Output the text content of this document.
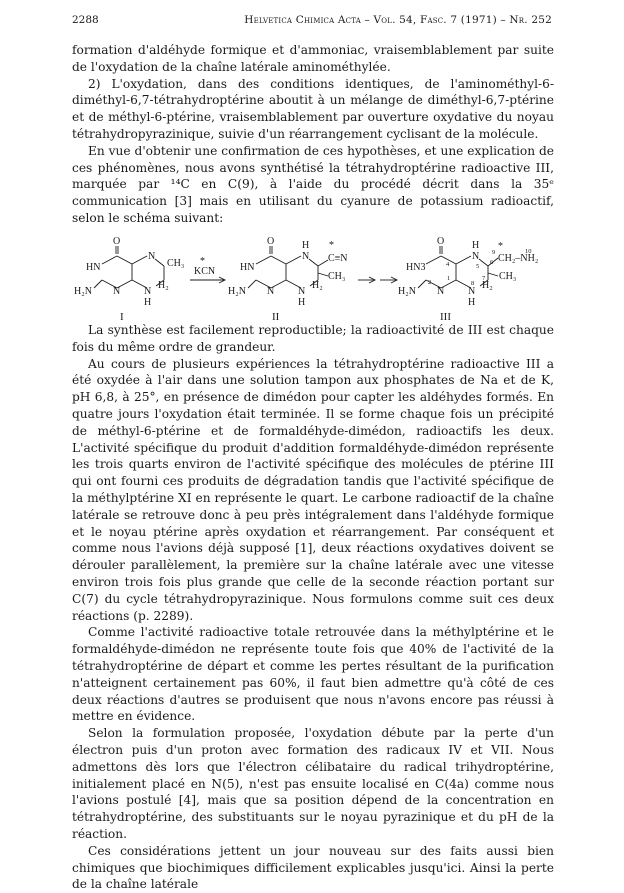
2288	Helvetica Chimica Acta – Vol. 54, Fasc. 7 (1971) – Nr. 252

formation d'aldéhyde formique et d'ammoniac, vraisemblablement par suite de l'oxydation de la chaîne latérale aminométhylée.

2) L'oxydation, dans des conditions identiques, de l'aminométhyl-6-diméthyl-6,7-tétrahydroptérine aboutit à un mélange de diméthyl-6,7-ptérine et de méthyl-6-ptérine, vraisemblablement par ouverture oxydative du noyau tétrahydropyrazinique, suivie d'un réarrangement cyclisant de la molécule.

En vue d'obtenir une confirmation de ces hypothèses, et une explication de ces phénomènes, nous avons synthétisé la tétrahydroptérine radioactive III, marquée par ¹⁴C en C(9), à l'aide du procédé décrit dans la 35ᵉ communication [3] mais en utilisant du cyanure de potassium radioactif, selon le schéma suivant:

O
HN
N
CH₃
H₂N N N
H₂
H
I
*
KCN
O
HN
H
N
*
C≡N
CH₃
H₂N N N
H₂
H
II
O
HN3
H
N 9
*	10
CH₂–NH₂
CH₃
4	5
6
7
8
1
2
H₂N N N
H₂
H
III

La synthèse est facilement reproductible; la radioactivité de III est chaque fois du même ordre de grandeur.

Au cours de plusieurs expériences la tétrahydroptérine radioactive III a été oxydée à l'air dans une solution tampon aux phosphates de Na et de K, pH 6,8, à 25°, en présence de dimédon pour capter les aldéhydes formés. En quatre jours l'oxydation était terminée. Il se forme chaque fois un précipité de méthyl-6-ptérine et de formaldéhyde-dimédon, radioactifs les deux. L'activité spécifique du produit d'addition formaldéhyde-dimédon représente les trois quarts environ de l'activité spécifique des molécules de ptérine III qui ont fourni ces produits de dégradation tandis que l'activité spécifique de la méthylptérine XI en représente le quart. Le carbone radioactif de la chaîne latérale se retrouve donc à peu près intégralement dans l'aldéhyde formique et le noyau ptérine après oxydation et réarrangement. Par conséquent et comme nous l'avions déjà supposé [1], deux réactions oxydatives doivent se dérouler parallèlement, la première sur la chaîne latérale avec une vitesse environ trois fois plus grande que celle de la seconde réaction portant sur C(7) du cycle tétrahydropyrazinique. Nous formulons comme suit ces deux réactions (p. 2289).

Comme l'activité radioactive totale retrouvée dans la méthylptérine et le formaldéhyde-dimédon ne représente toute fois que 40% de l'activité de la tétrahydroptérine de départ et comme les pertes résultant de la purification n'atteignent certainement pas 60%, il faut bien admettre qu'à côté de ces deux réactions d'autres se produisent que nous n'avons encore pas réussi à mettre en évidence.

Selon la formulation proposée, l'oxydation débute par la perte d'un électron puis d'un proton avec formation des radicaux IV et VII. Nous admettons dès lors que l'électron célibataire du radical trihydroptérine, initialement placé en N(5), n'est pas ensuite localisé en C(4a) comme nous l'avions postulé [4], mais que sa position dépend de la concentration en tétrahydroptérine, des substituants sur le noyau pyrazinique et du pH de la réaction.

Ces considérations jettent un jour nouveau sur des faits aussi bien chimiques que biochimiques difficilement explicables jusqu'ici. Ainsi la perte de la chaîne latérale
